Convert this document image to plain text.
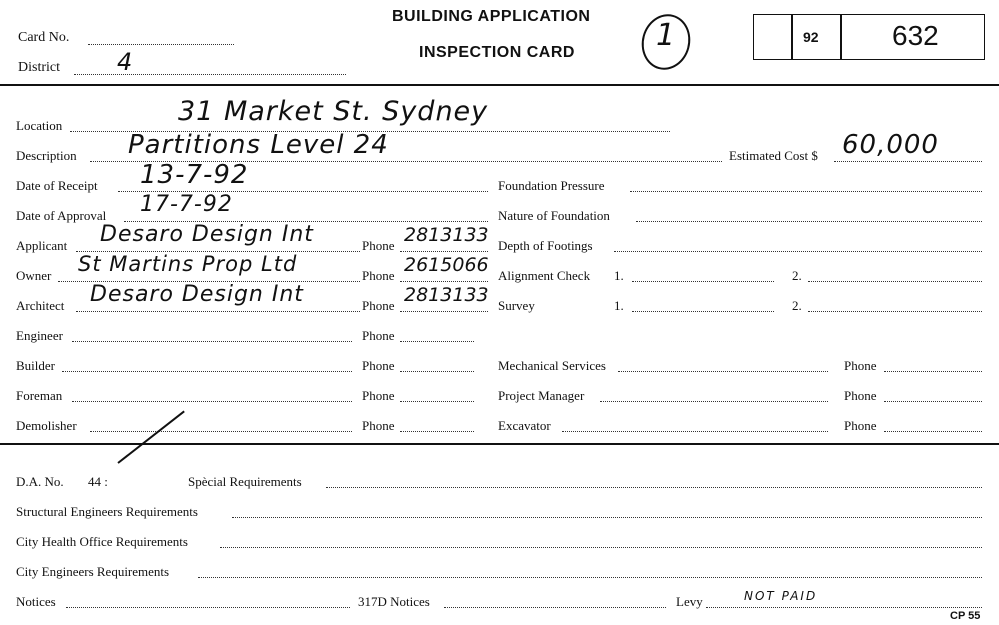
Card No.
District 4
BUILDING APPLICATION
INSPECTION CARD	1	92	632
Location	31 Market St. Sydney
Description Partitions Level 24	Estimated Cost $ 60,000
Date of Receipt 13-7-92
Date of Approval 17-7-92
Applicant Desaro Design Int	Phone 2813133
Owner St Martins Prop Ltd	Phone 2615066
Architect Desaro Design Int	Phone 2813133
Engineer	Phone
Builder	Phone
Foreman	Phone
Demolisher	Phone
Foundation Pressure
Nature of Foundation
Depth of Footings
Alignment Check 1.	2.
Survey	1.	2.
Mechanical Services	Phone
Project Manager	Phone
Excavator	Phone
D.A. No. 44 :	Spècial Requirements
Structural Engineers Requirements
City Health Office Requirements
City Engineers Requirements
Notices	317D Notices	Levy	NOT PAID
CP 55
